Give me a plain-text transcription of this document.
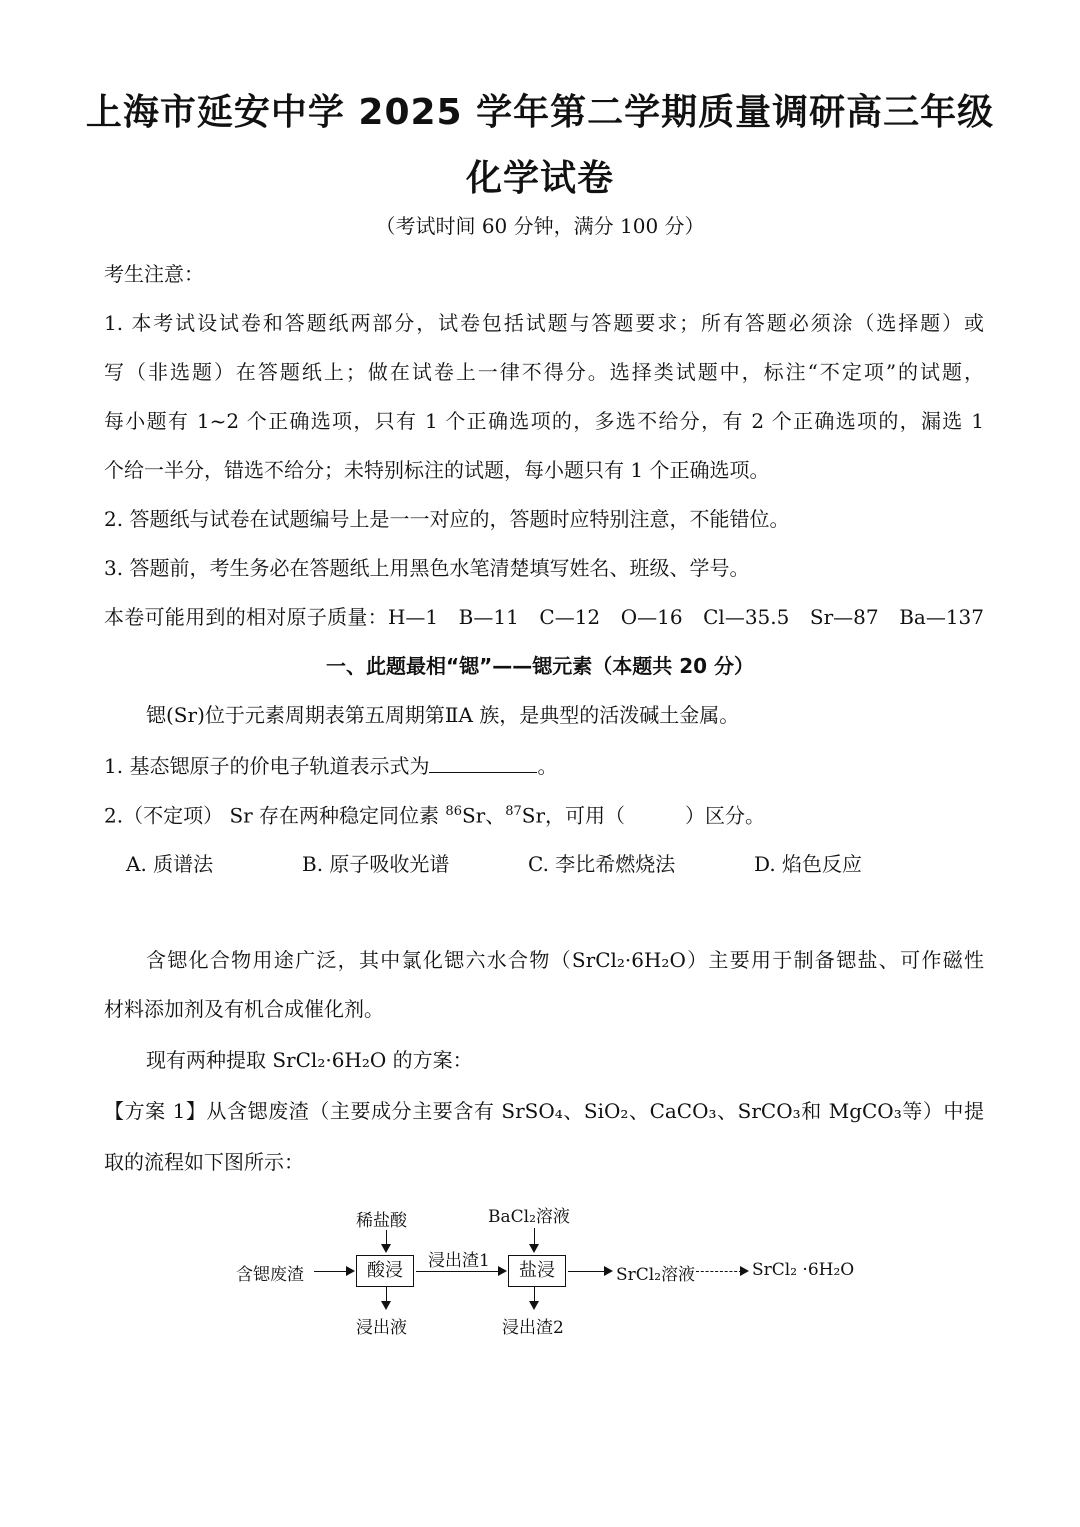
上海市延安中学 2025 学年第二学期质量调研高三年级
化学试卷
（考试时间 60 分钟，满分 100 分）
考生注意：
1. 本考试设试卷和答题纸两部分，试卷包括试题与答题要求；所有答题必须涂（选择题）或
写（非选题）在答题纸上；做在试卷上一律不得分。选择类试题中，标注“不定项”的试题，
每小题有 1~2 个正确选项，只有 1 个正确选项的，多选不给分，有 2 个正确选项的，漏选 1
个给一半分，错选不给分；未特别标注的试题，每小题只有 1 个正确选项。
2. 答题纸与试卷在试题编号上是一一对应的，答题时应特别注意，不能错位。
3. 答题前，考生务必在答题纸上用黑色水笔清楚填写姓名、班级、学号。
本卷可能用到的相对原子质量：H—1　B—11　C—12　O—16　Cl—35.5　Sr—87　Ba—137
一、此题最相“锶”——锶元素（本题共 20 分）
锶(Sr)位于元素周期表第五周期第ⅡA 族，是典型的活泼碱土金属。
1. 基态锶原子的价电子轨道表示式为	。
2.（不定项） Sr 存在两种稳定同位素 $^{86}$Sr、$^{87}$Sr，可用（	）区分。
A. 质谱法	B. 原子吸收光谱	C. 李比希燃烧法	D. 焰色反应
含锶化合物用途广泛，其中氯化锶六水合物（SrCl₂·6H₂O）主要用于制备锶盐、可作磁性
材料添加剂及有机合成催化剂。
现有两种提取 SrCl₂·6H₂O 的方案：
【方案 1】从含锶废渣（主要成分主要含有 SrSO₄、SiO₂、CaCO₃、SrCO₃和 MgCO₃等）中提
取的流程如下图所示：
含锶废渣
稀盐酸
酸浸
浸出液
浸出渣1
BaCl₂溶液
盐浸
浸出渣2
SrCl₂溶液	SrCl₂ ·6H₂O
